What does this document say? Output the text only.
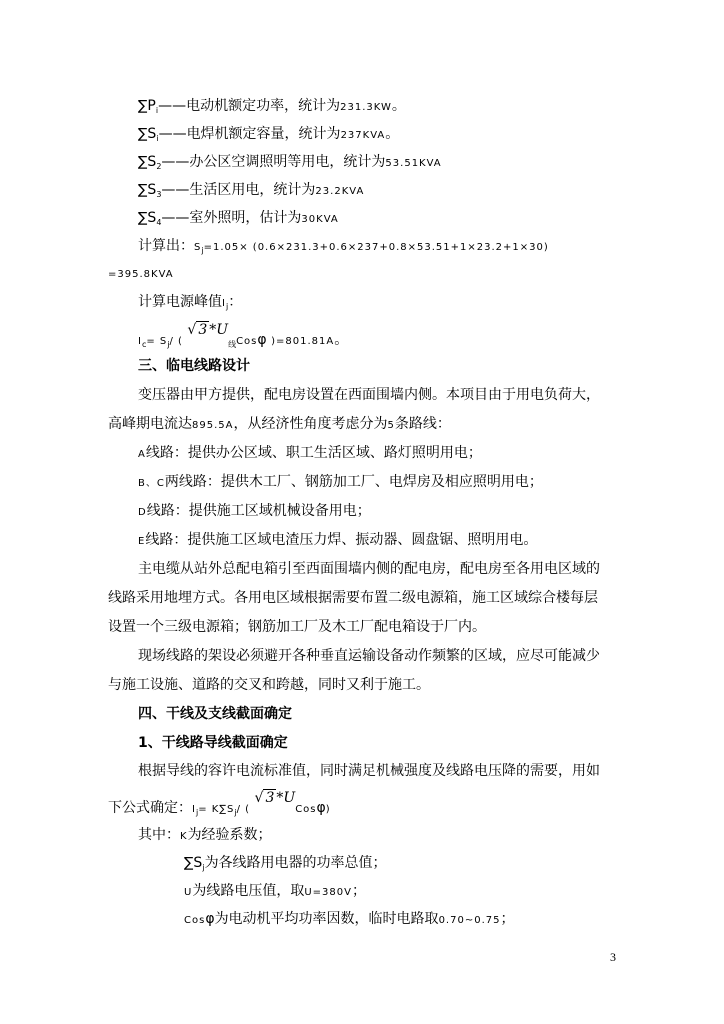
$\sum P_i——$电动机额定功率，统计为231.3KW。
$\sum S_i——$电焊机额定容量，统计为237KVA。
$\sum S_2——$办公区空调照明等用电，统计为53.51KVA
$\sum S_3——$生活区用电，统计为23.2KVA
$\sum S_4——$室外照明，估计为30KVA
计算出：$S_j=1.05\times (0.6\times 231.3+0.6\times 237+0.8\times 53.51+1\times 23.2+1\times 30)$
=395.8KVA
计算电源峰值$I_j$：
$I_c= S_j/$ ( √ 3 $*U_线Cos\varphi$ )=801.81A。
三、临电线路设计
变压器由甲方提供，配电房设置在西面围墙内侧。本项目由于用电负荷大，
高峰期电流达895.5A，从经济性角度考虑分为5条路线：
A线路：提供办公区域、职工生活区域、路灯照明用电；
B、C两线路：提供木工厂、钢筋加工厂、电焊房及相应照明用电；
D线路：提供施工区域机械设备用电；
E线路：提供施工区域电渣压力焊、振动器、圆盘锯、照明用电。
主电缆从站外总配电箱引至西面围墙内侧的配电房，配电房至各用电区域的
线路采用地埋方式。各用电区域根据需要布置二级电源箱，施工区域综合楼每层
设置一个三级电源箱；钢筋加工厂及木工厂配电箱设于厂内。
现场线路的架设必须避开各种垂直运输设备动作频繁的区域，应尽可能减少
与施工设施、道路的交叉和跨越，同时又利于施工。
四、干线及支线截面确定
1、干线路导线截面确定
根据导线的容许电流标准值，同时满足机械强度及线路电压降的需要，用如
下公式确定：$I_j= K\sum S_j/$ ( √ 3 *UCosφ)
其中：K为经验系数；
$\sum S_j$为各线路用电器的功率总值；
U为线路电压值，取U=380V；
Cosφ为电动机平均功率因数，临时电路取0.70~0.75；
3
